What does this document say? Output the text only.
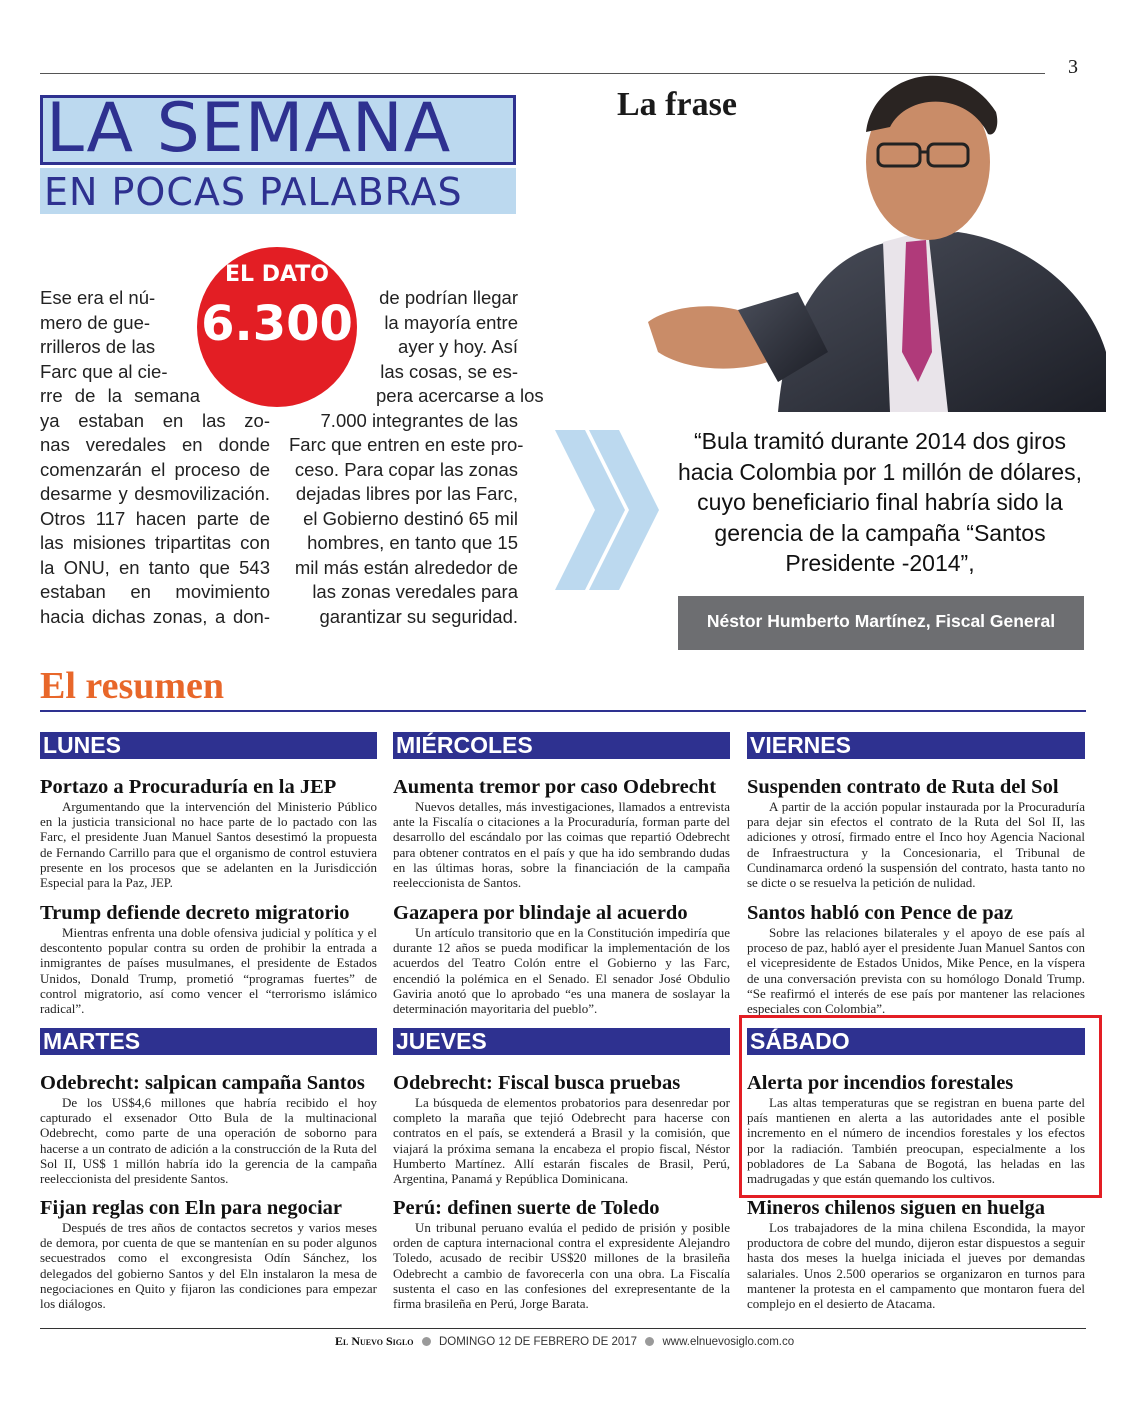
3
LA SEMANA
EN POCAS PALABRAS
EL DATO
6.300
Ese era el nú-
mero de gue-
rrilleros de las
Farc que al cie-
rre de la semana
ya estaban en las zo-
nas veredales en donde
comenzarán el proceso de
desarme y desmovilización.
Otros 117 hacen parte de
las misiones tripartitas con
la ONU, en tanto que 543
estaban en movimiento
hacia dichas zonas, a don-
de podrían llegar
la mayoría entre
ayer y hoy. Así
las cosas, se es-
pera acercarse a los
7.000 integrantes de las
Farc que entren en este pro-
ceso. Para copar las zonas
dejadas libres por las Farc,
el Gobierno destinó 65 mil
hombres, en tanto que 15
mil más están alrededor de
las zonas veredales para
garantizar su seguridad.
La frase
“Bula tramitó durante 2014 dos giros hacia Colombia por 1 millón de dólares, cuyo beneficiario final habría sido la gerencia de la campaña “Santos Presidente -2014”,
Néstor Humberto Martínez, Fiscal General
El resumen
LUNES
Portazo a Procuraduría en la JEP
Argumentando que la intervención del Ministerio Público en la justicia transicional no hace parte de lo pactado con las Farc, el presidente Juan Manuel Santos desestimó la propuesta de Fernando Carrillo para que el organismo de control estuviera presente en los procesos que se adelanten en la Jurisdicción Especial para la Paz, JEP.
Trump defiende decreto migratorio
Mientras enfrenta una doble ofensiva judicial y política y el descontento popular contra su orden de prohibir la entrada a inmigrantes de países musulmanes, el presidente de Estados Unidos, Donald Trump, prometió “programas fuertes” de control migratorio, así como vencer el “terrorismo islámico radical”.
MIÉRCOLES
Aumenta tremor por caso Odebrecht
Nuevos detalles, más investigaciones, llamados a entrevista ante la Fiscalía o citaciones a la Procuraduría, forman parte del desarrollo del escándalo por las coimas que repartió Odebrecht para obtener contratos en el país y que ha ido sembrando dudas en las últimas horas, sobre la financiación de la campaña reeleccionista de Santos.
Gazapera por blindaje al acuerdo
Un artículo transitorio que en la Constitución impediría que durante 12 años se pueda modificar la implementación de los acuerdos del Teatro Colón entre el Gobierno y las Farc, encendió la polémica en el Senado. El senador José Obdulio Gaviria anotó que lo aprobado “es una manera de soslayar la determinación mayoritaria del pueblo”.
VIERNES
Suspenden contrato de Ruta del Sol
A partir de la acción popular instaurada por la Procuraduría para dejar sin efectos el contrato de la Ruta del Sol II, las adiciones y otrosí, firmado entre el Inco hoy Agencia Nacional de Infraestructura y la Concesionaria, el Tribunal de Cundinamarca ordenó la suspensión del contrato, hasta tanto no se dicte o se resuelva la petición de nulidad.
Santos habló con Pence de paz
Sobre las relaciones bilaterales y el apoyo de ese país al proceso de paz, habló ayer el presidente Juan Manuel Santos con el vicepresidente de Estados Unidos, Mike Pence, en la víspera de una conversación prevista con su homólogo Donald Trump. “Se reafirmó el interés de ese país por mantener las relaciones especiales con Colombia”.
MARTES
Odebrecht: salpican campaña Santos
De los US$4,6 millones que habría recibido el hoy capturado el exsenador Otto Bula de la multinacional Odebrecht, como parte de una operación de soborno para hacerse a un contrato de adición a la construcción de la Ruta del Sol II, US$ 1 millón habría ido la gerencia de la campaña reeleccionista del presidente Santos.
Fijan reglas con Eln para negociar
Después de tres años de contactos secretos y varios meses de demora, por cuenta de que se mantenían en su poder algunos secuestrados como el excongresista Odín Sánchez, los delegados del gobierno Santos y del Eln instalaron la mesa de negociaciones en Quito y fijaron las condiciones para empezar los diálogos.
JUEVES
Odebrecht: Fiscal busca pruebas
La búsqueda de elementos probatorios para desenredar por completo la maraña que tejió Odebrecht para hacerse con contratos en el país, se extenderá a Brasil y la comisión, que viajará la próxima semana la encabeza el propio fiscal, Néstor Humberto Martínez. Allí estarán fiscales de Brasil, Perú, Argentina, Panamá y República Dominicana.
Perú: definen suerte de Toledo
Un tribunal peruano evalúa el pedido de prisión y posible orden de captura internacional contra el expresidente Alejandro Toledo, acusado de recibir US$20 millones de la brasileña Odebrecht a cambio de favorecerla con una obra. La Fiscalía sustenta el caso en las confesiones del exrepresentante de la firma brasileña en Perú, Jorge Barata.
SÁBADO
Alerta por incendios forestales
Las altas temperaturas que se registran en buena parte del país mantienen en alerta a las autoridades ante el posible incremento en el número de incendios forestales y los efectos por la radiación. También preocupan, especialmente a los pobladores de La Sabana de Bogotá, las heladas en las madrugadas y que están quemando los cultivos.
Mineros chilenos siguen en huelga
Los trabajadores de la mina chilena Escondida, la mayor productora de cobre del mundo, dijeron estar dispuestos a seguir hasta dos meses la huelga iniciada el jueves por demandas salariales. Unos 2.500 operarios se organizaron en turnos para mantener la protesta en el campamento que montaron fuera del complejo en el desierto de Atacama.
El Nuevo Siglo DOMINGO 12 DE FEBRERO DE 2017 www.elnuevosiglo.com.co
